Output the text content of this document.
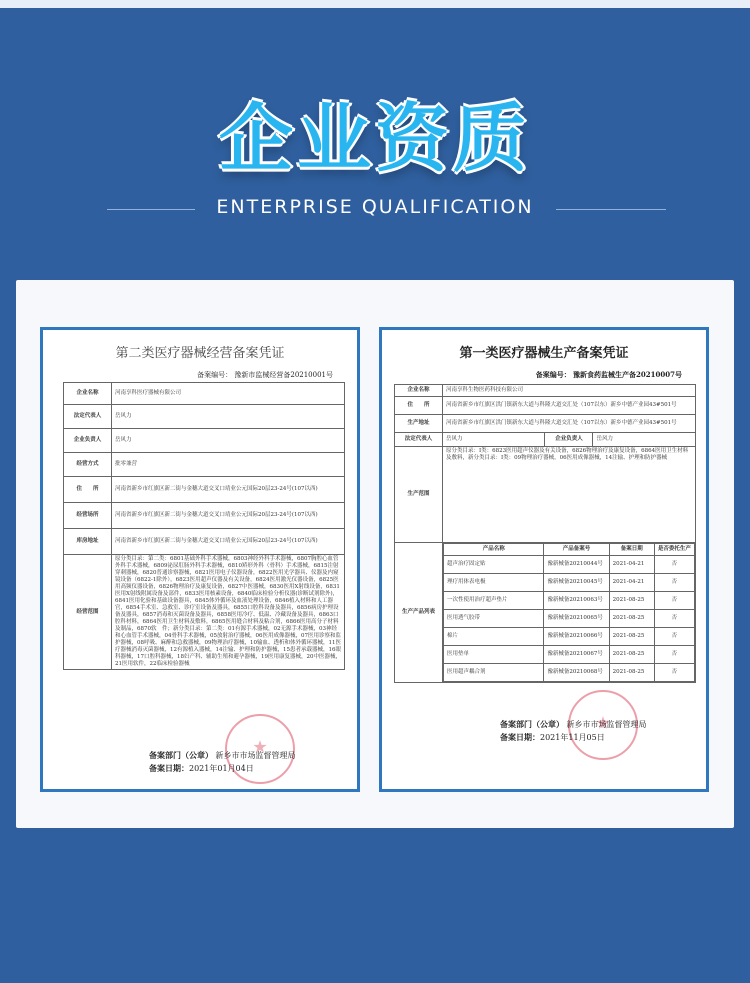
企业资质
ENTERPRISE QUALIFICATION
第二类医疗器械经营备案凭证
备案编号： 豫新市监械经营备20210001号
企业名称	河南享科医疗器械有限公司
法定代表人	岳风力
企业负责人	岳风力
经营方式	批零兼营
住　　所	河南省新乡市红旗区新二街与金穗大道交叉口靖业公元国际20层23-24号(107以西)
经营场所	河南省新乡市红旗区新二街与金穗大道交叉口靖业公元国际20层23-24号(107以西)
库房地址	河南省新乡市红旗区新二街与金穗大道交叉口靖业公元国际20层23-24号(107以西)
经营范围	原分类目录：第二类：6801基础外科手术器械，6803神经外科手术器械，6807胸腔心血管外科手术器械，6809泌尿肛肠外科手术器械，6810矫形外科（骨科）手术器械，6815注射穿刺器械，6820普通诊察器械，6821医用电子仪器设备，6822医用光学器具、仪器及内窥镜设备（6822-1除外），6823医用超声仪器及有关设备，6824医用激光仪器设备，6825医用高频仪器设备，6826物理治疗及康复设备，6827中医器械，6830医用X射线设备，6831医用X射线附属设备及部件，6833医用核素设备，6840临床检验分析仪器(诊断试剂除外)，6841医用化验和基础设备器具，6845体外循环及血液处理设备，6846植入材料和人工器官，6854手术室、急救室、诊疗室设备及器具，6855口腔科设备及器具，6856病房护理设备及器具，6857消毒和灭菌设备及器具，6858医用冷疗、低温、冷藏设备及器具，6863口腔科材料，6864医用卫生材料及敷料，6865医用缝合材料及粘合剂，6866医用高分子材料及制品，6870软　件；新分类目录：第二类：01有源手术器械，02无源手术器械，03神经和心血管手术器械，04骨科手术器械，05放射治疗器械，06医用成像器械，07医用诊察和监护器械，08呼吸、麻醉和急救器械，09物理治疗器械，10输血、透析和体外循环器械，11医疗器械消毒灭菌器械，12有源植入器械，14注输、护理和防护器械，15患者承载器械，16眼科器械，17口腔科器械，18妇产科、辅助生殖和避孕器械，19医用康复器械，20中医器械，21医用软件，22临床检验器械
备案部门（公章） 新乡市市场监督管理局
备案日期：2021年01月04日
第一类医疗器械生产备案凭证
备案编号： 豫新食药监械生产备20210007号
企业名称	河南享科生物医药科技有限公司
住　　所	河南省新乡市红旗区洪门镇新东大道与科隆大道交汇处（107以东）新乡中德产业园43#501号
生产地址	河南省新乡市红旗区洪门镇新东大道与科隆大道交汇处（107以东）新乡中德产业园43#501号
法定代表人	岳风力	企业负责人	岳风力
生产范围	原分类目录：Ⅰ类：6823医用超声仪器及有关设备，6826物理治疗及康复设备，6864医用卫生材料及敷料，新分类目录：Ⅰ类：09物理治疗器械，06医用成像器械，14注输、护理和防护器械
生产产品列表	
产品名称	产品备案号	备案日期	是否委托生产
超声治疗固定贴	豫新械备20210044号	2021-04-21	否
理疗用体表电极	豫新械备20210045号	2021-04-21	否
一次性使用治疗超声垫片	豫新械备20210063号	2021-08-25	否
医用透气胶带	豫新械备20210065号	2021-08-25	否
棉片	豫新械备20210066号	2021-08-25	否
医用垫单	豫新械备20210067号	2021-08-25	否
医用超声耦合剂	豫新械备20210068号	2021-08-25	否
备案部门（公章） 新乡市市场监督管理局
备案日期：2021年11月05日
